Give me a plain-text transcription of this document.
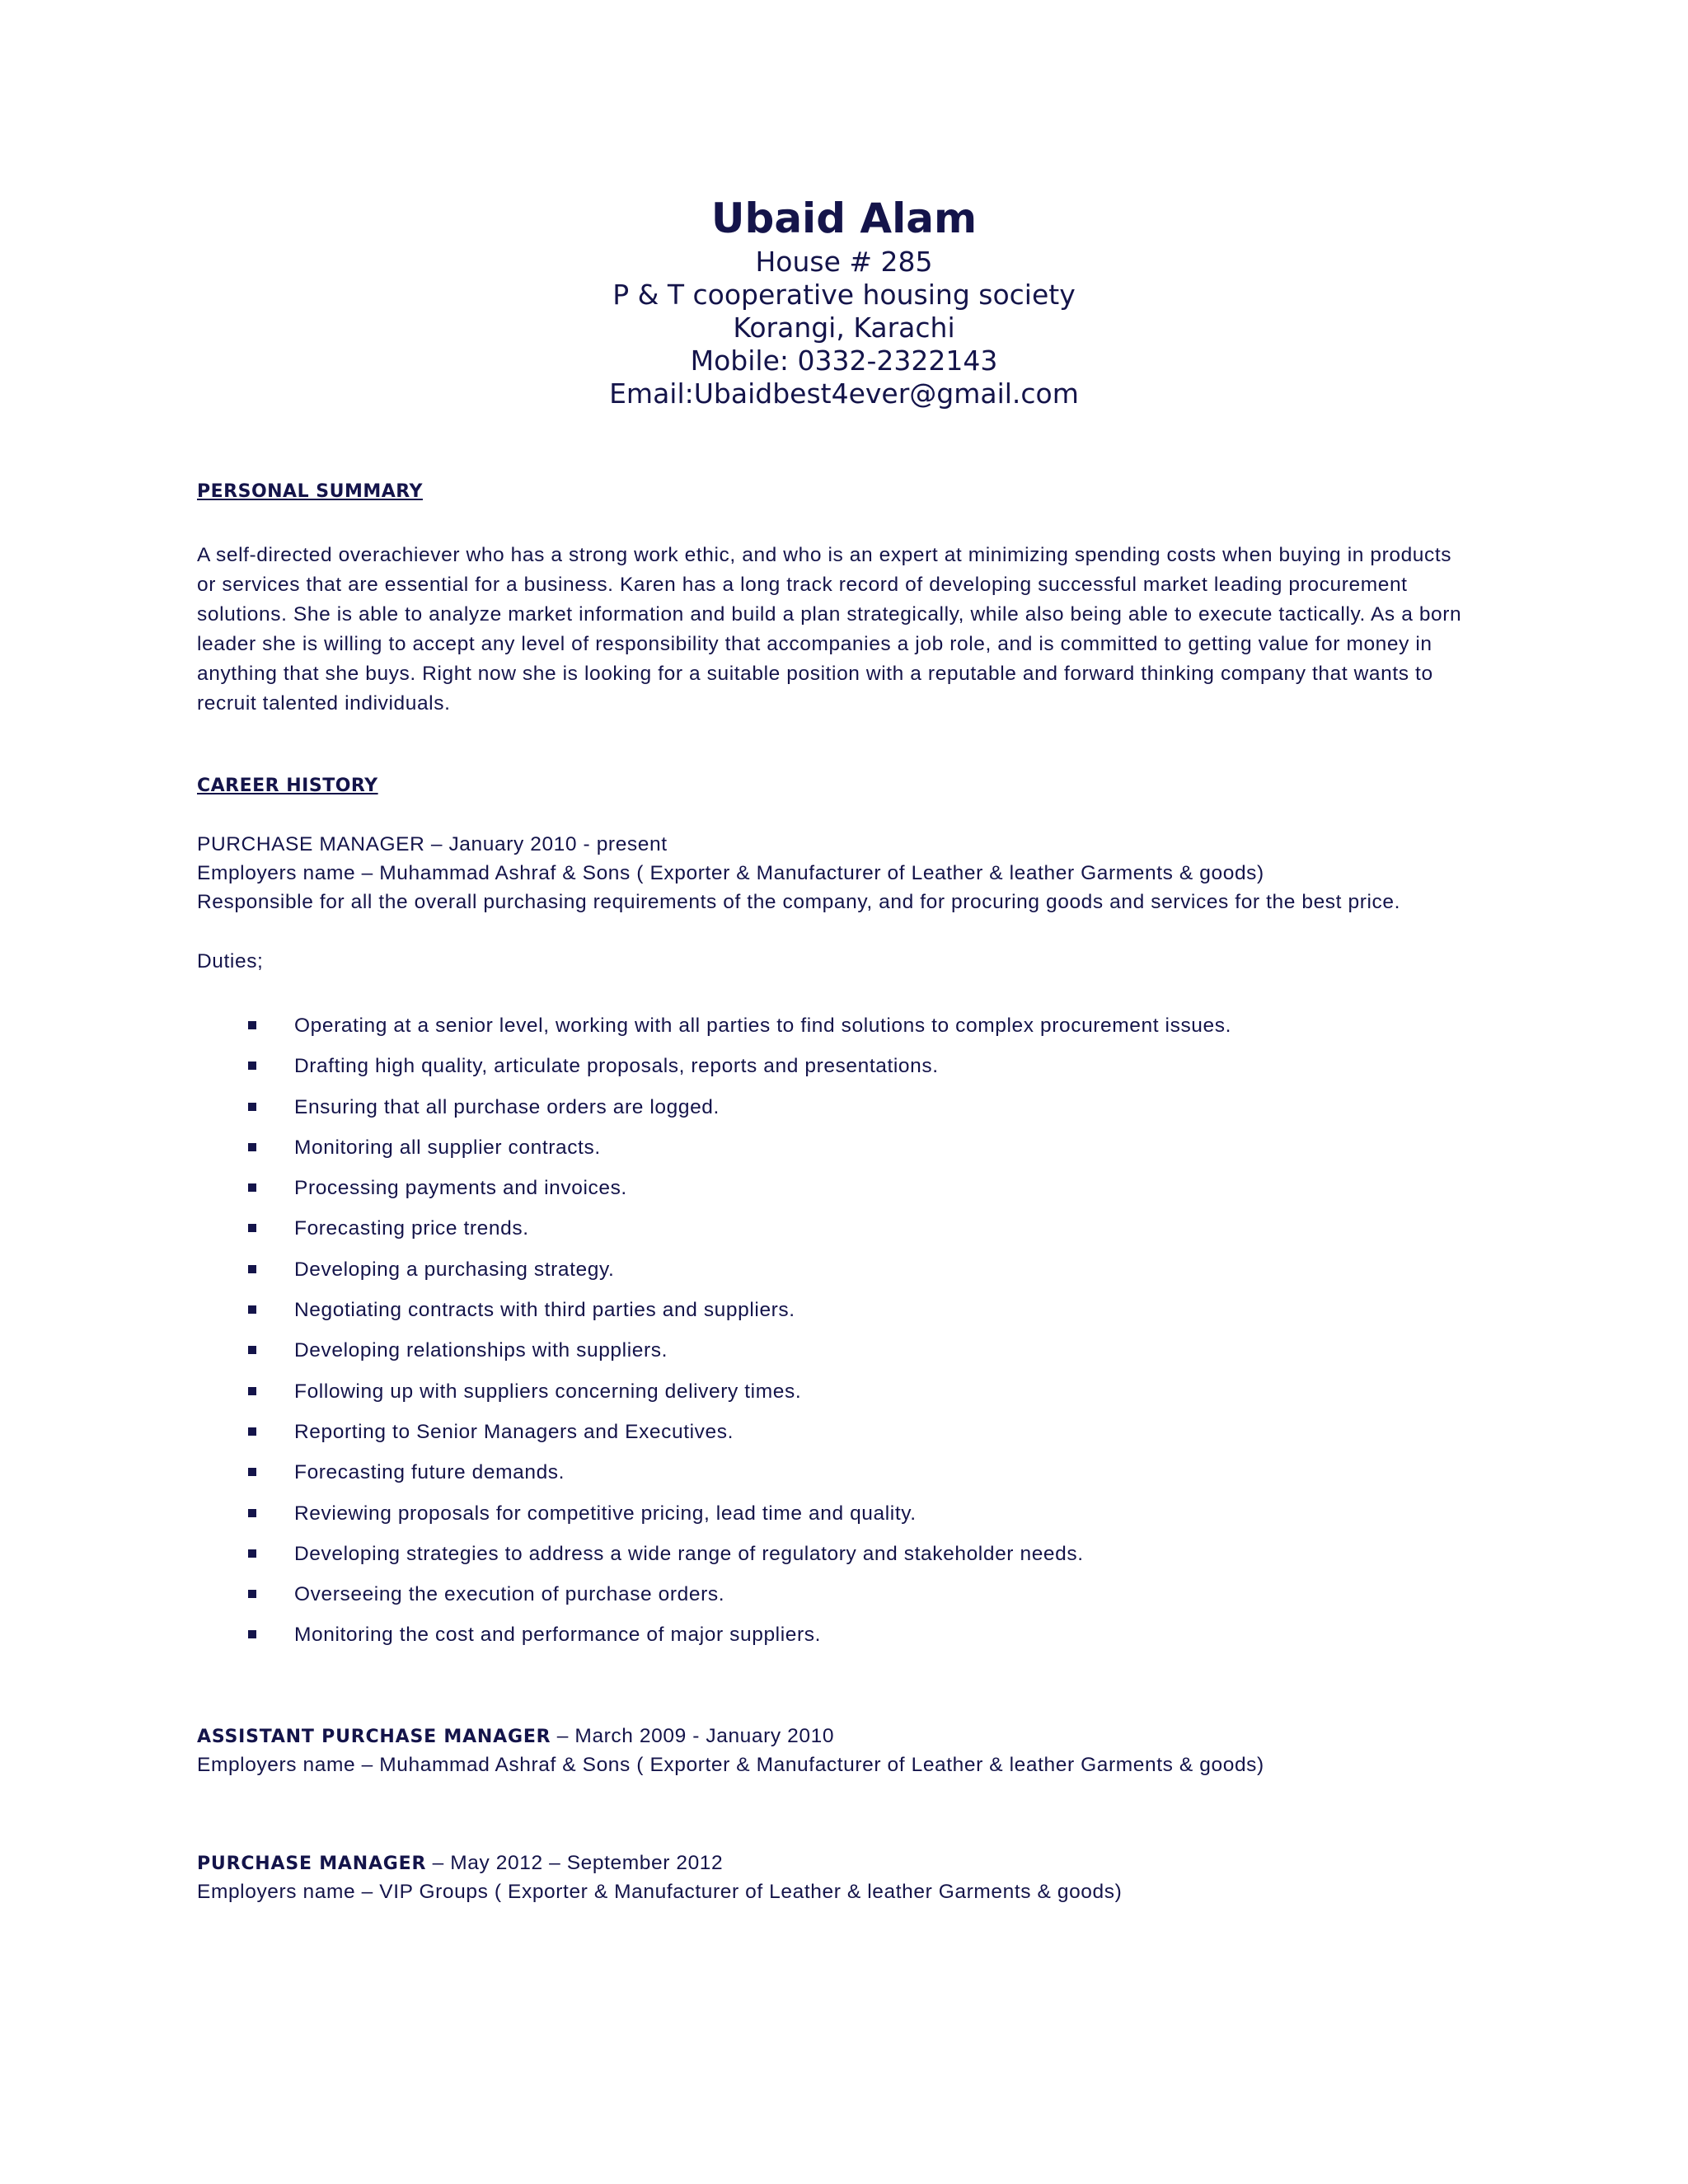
Ubaid Alam

House # 285

P & T cooperative housing society

Korangi, Karachi

Mobile: 0332-2322143

Email:Ubaidbest4ever@gmail.com

PERSONAL SUMMARY

A self-directed overachiever who has a strong work ethic, and who is an expert at minimizing spending costs when buying in products or services that are essential for a business. Karen has a long track record of developing successful market leading procurement solutions. She is able to analyze market information and build a plan strategically, while also being able to execute tactically. As a born leader she is willing to accept any level of responsibility that accompanies a job role, and is committed to getting value for money in anything that she buys. Right now she is looking for a suitable position with a reputable and forward thinking company that wants to recruit talented individuals.

CAREER HISTORY

PURCHASE MANAGER – January 2010 - present

Employers name – Muhammad Ashraf & Sons ( Exporter & Manufacturer of Leather & leather Garments & goods)

Responsible for all the overall purchasing requirements of the company, and for procuring goods and services for the best price.

Duties;

Operating at a senior level, working with all parties to find solutions to complex procurement issues.
Drafting high quality, articulate proposals, reports and presentations.
Ensuring that all purchase orders are logged.
Monitoring all supplier contracts.
Processing payments and invoices.
Forecasting price trends.
Developing a purchasing strategy.
Negotiating contracts with third parties and suppliers.
Developing relationships with suppliers.
Following up with suppliers concerning delivery times.
Reporting to Senior Managers and Executives.
Forecasting future demands.
Reviewing proposals for competitive pricing, lead time and quality.
Developing strategies to address a wide range of regulatory and stakeholder needs.
Overseeing the execution of purchase orders.
Monitoring the cost and performance of major suppliers.

ASSISTANT PURCHASE MANAGER – March 2009 - January 2010

Employers name – Muhammad Ashraf & Sons ( Exporter & Manufacturer of Leather & leather Garments & goods)

PURCHASE MANAGER – May 2012 – September 2012

Employers name – VIP Groups ( Exporter & Manufacturer of Leather & leather Garments & goods)
